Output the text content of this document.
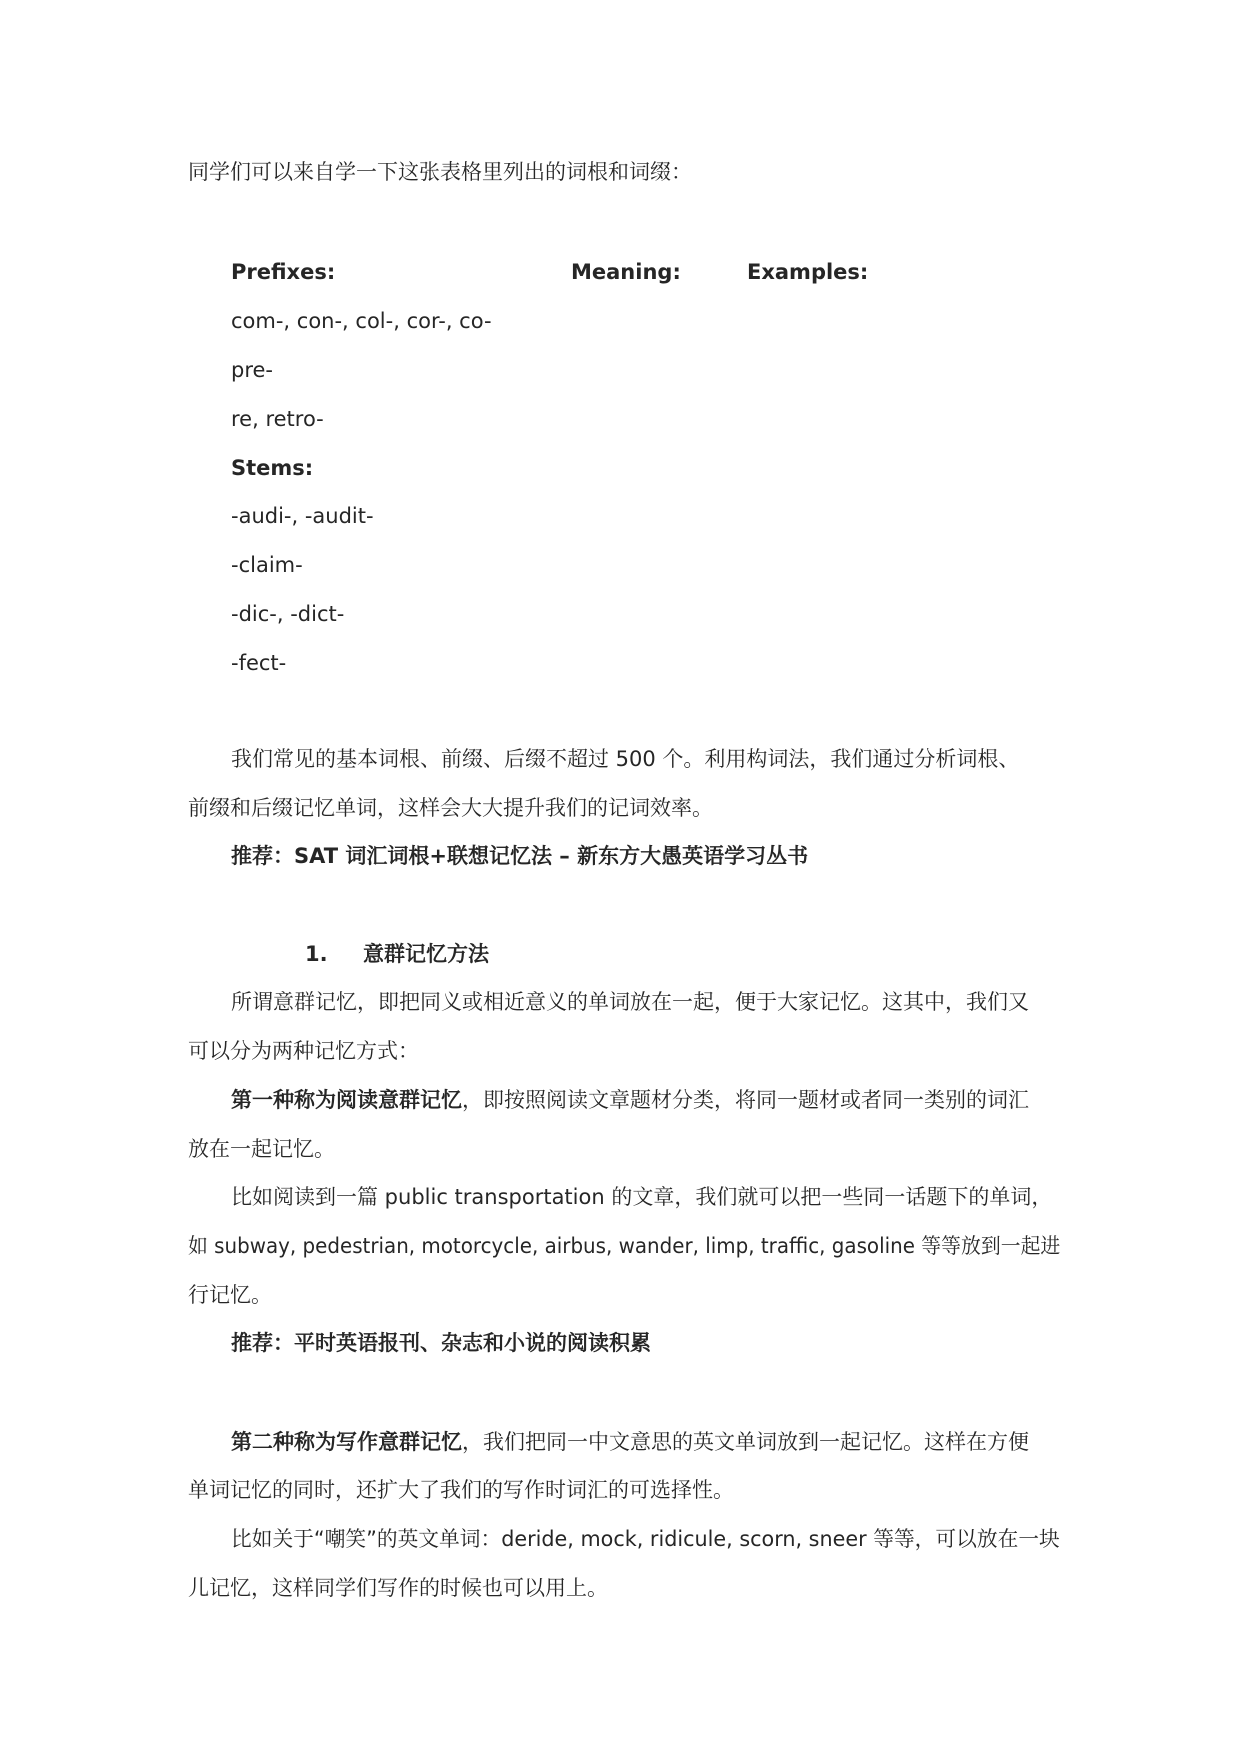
同学们可以来自学一下这张表格里列出的词根和词缀：
Prefixes:	Meaning:	Examples:
com-, con-, col-, cor-, co-
pre-
re, retro-
Stems:
-audi-, -audit-
-claim-
-dic-, -dict-
-fect-
我们常见的基本词根、前缀、后缀不超过 500 个。利用构词法，我们通过分析词根、
前缀和后缀记忆单词，这样会大大提升我们的记词效率。
推荐：SAT 词汇词根+联想记忆法 – 新东方大愚英语学习丛书
1. 意群记忆方法
所谓意群记忆，即把同义或相近意义的单词放在一起，便于大家记忆。这其中，我们又
可以分为两种记忆方式：
第一种称为阅读意群记忆，即按照阅读文章题材分类，将同一题材或者同一类别的词汇
放在一起记忆。
比如阅读到一篇 public transportation 的文章，我们就可以把一些同一话题下的单词，
如 subway, pedestrian, motorcycle, airbus, wander, limp, traffic, gasoline 等等放到一起进
行记忆。
推荐：平时英语报刊、杂志和小说的阅读积累
第二种称为写作意群记忆，我们把同一中文意思的英文单词放到一起记忆。这样在方便
单词记忆的同时，还扩大了我们的写作时词汇的可选择性。
比如关于“嘲笑”的英文单词：deride, mock, ridicule, scorn, sneer 等等，可以放在一块
儿记忆，这样同学们写作的时候也可以用上。
